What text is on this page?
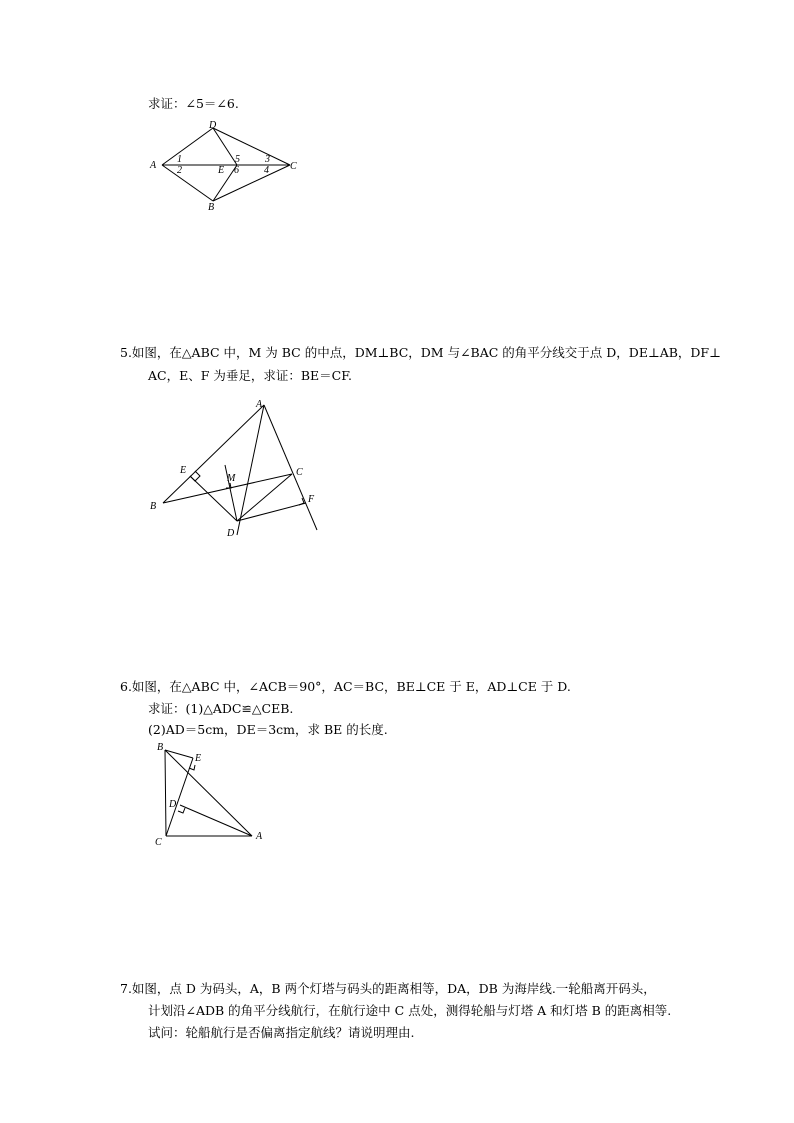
求证：∠5＝∠6.
A
D
C
B
E
1
2
5
6
3
4
5.如图，在△ABC 中，M 为 BC 的中点，DM⊥BC，DM 与∠BAC 的角平分线交于点 D，DE⊥AB，DF⊥
AC，E、F 为垂足，求证：BE＝CF.
A
B
C
D
E
F
M
6.如图，在△ABC 中，∠ACB＝90°，AC＝BC，BE⊥CE 于 E，AD⊥CE 于 D.
求证：(1)△ADC≌△CEB.
(2)AD＝5cm，DE＝3cm，求 BE 的长度.
B
E
D
C
A
7.如图，点 D 为码头，A，B 两个灯塔与码头的距离相等，DA，DB 为海岸线.一轮船离开码头，
计划沿∠ADB 的角平分线航行，在航行途中 C 点处，测得轮船与灯塔 A 和灯塔 B 的距离相等.
试问：轮船航行是否偏离指定航线？请说明理由.
